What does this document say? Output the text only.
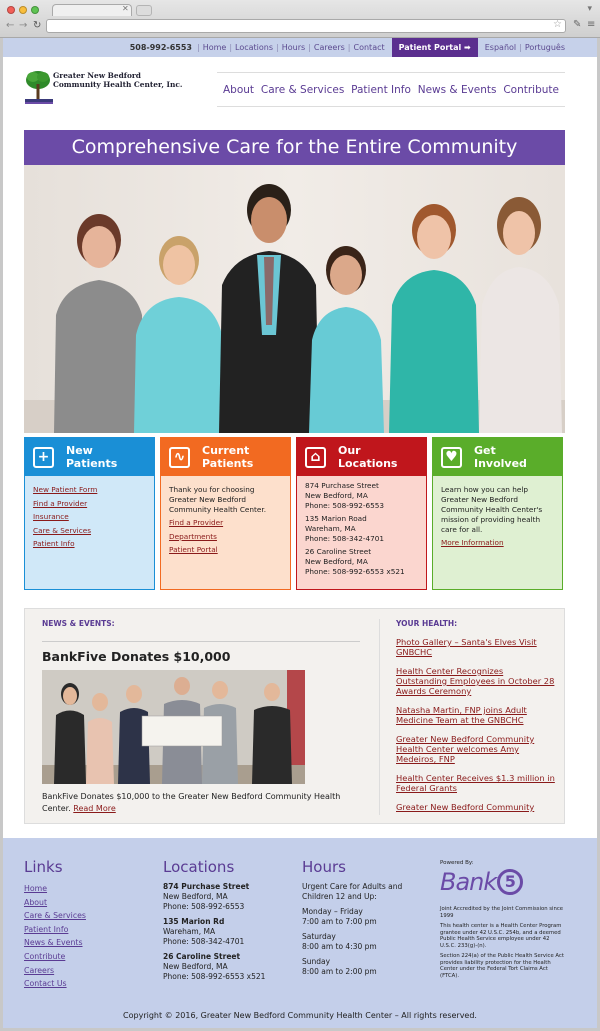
✕	▾
← → ↻	☆ ✎ ≡
508-992-6553 | Home | Locations | Hours | Careers | Contact	Patient Portal ➡	Español | Português
Greater New Bedford
Community Health Center, Inc.	About Care & Services Patient Info News & Events Contribute
Comprehensive Care for the Entire Community
+	New
Patients
New Patient Form
Find a Provider
Insurance
Care & Services
Patient Info
∿	Current
Patients
Thank you for choosing Greater New Bedford Community Health Center.
Find a Provider
Departments
Patient Portal
⌂	Our
Locations
874 Purchase Street
New Bedford, MA
Phone: 508-992-6553
135 Marion Road
Wareham, MA
Phone: 508-342-4701
26 Caroline Street
New Bedford, MA
Phone: 508-992-6553 x521
♥	Get
Involved
Learn how you can help Greater New Bedford Community Health Center's mission of providing health care for all.
More Information
NEWS & EVENTS:
BankFive Donates $10,000
BankFive Donates $10,000 to the Greater New Bedford Community Health Center. Read More
YOUR HEALTH:
Photo Gallery – Santa's Elves Visit GNBCHC
Health Center Recognizes Outstanding Employees in October 28 Awards Ceremony
Natasha Martin, FNP joins Adult Medicine Team at the GNBCHC
Greater New Bedford Community Health Center welcomes Amy Medeiros, FNP
Health Center Receives $1.3 million in Federal Grants
Greater New Bedford Community
Links
Home
About
Care & Services
Patient Info
News & Events
Contribute
Careers
Contact Us
Locations
874 Purchase Street
New Bedford, MA
Phone: 508-992-6553
135 Marion Rd
Wareham, MA
Phone: 508-342-4701
26 Caroline Street
New Bedford, MA
Phone: 508-992-6553 x521
Hours
Urgent Care for Adults and Children 12 and Up:
Monday – Friday
7:00 am to 7:00 pm
Saturday
8:00 am to 4:30 pm
Sunday
8:00 am to 2:00 pm
Powered By:
Bank 5
Joint Accredited by the Joint Commission since 1999
This health center is a Health Center Program grantee under 42 U.S.C. 254b, and a deemed Public Health Service employee under 42 U.S.C. 233(g)-(n).
Section 224(a) of the Public Health Service Act provides liability protection for the Health Center under the Federal Tort Claims Act (FTCA).
Copyright © 2016, Greater New Bedford Community Health Center – All rights reserved.
